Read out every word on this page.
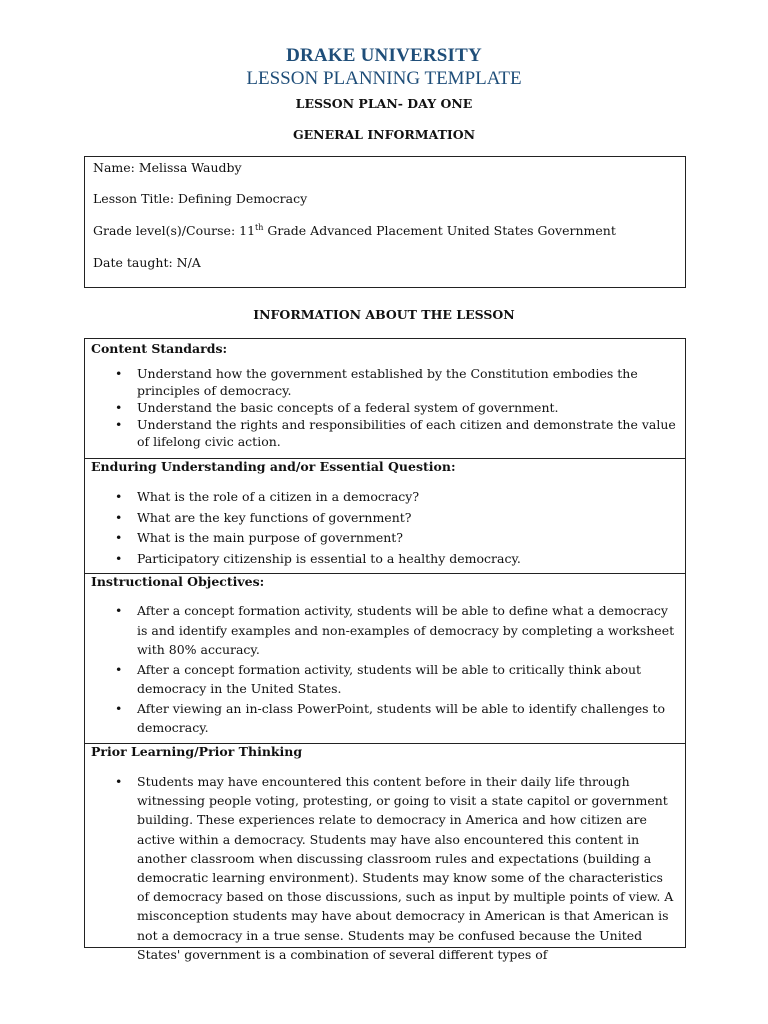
DRAKE UNIVERSITY
LESSON PLANNING TEMPLATE
LESSON PLAN- DAY ONE
GENERAL INFORMATION
Name: Melissa Waudby
Lesson Title: Defining Democracy
Grade level(s)/Course: 11th Grade Advanced Placement United States Government
Date taught: N/A
INFORMATION ABOUT THE LESSON
Content Standards:
• Understand how the government established by the Constitution embodies the principles of democracy.
• Understand the basic concepts of a federal system of government.
• Understand the rights and responsibilities of each citizen and demonstrate the value of lifelong civic action.
Enduring Understanding and/or Essential Question:
• What is the role of a citizen in a democracy?
• What are the key functions of government?
• What is the main purpose of government?
• Participatory citizenship is essential to a healthy democracy.
Instructional Objectives:
• After a concept formation activity, students will be able to define what a democracy is and identify examples and non-examples of democracy by completing a worksheet with 80% accuracy.
• After a concept formation activity, students will be able to critically think about democracy in the United States.
• After viewing an in-class PowerPoint, students will be able to identify challenges to democracy.
Prior Learning/Prior Thinking
• Students may have encountered this content before in their daily life through witnessing people voting, protesting, or going to visit a state capitol or government building. These experiences relate to democracy in America and how citizen are active within a democracy. Students may have also encountered this content in another classroom when discussing classroom rules and expectations (building a democratic learning environment). Students may know some of the characteristics of democracy based on those discussions, such as input by multiple points of view. A misconception students may have about democracy in American is that American is not a democracy in a true sense. Students may be confused because the United States' government is a combination of several different types of
